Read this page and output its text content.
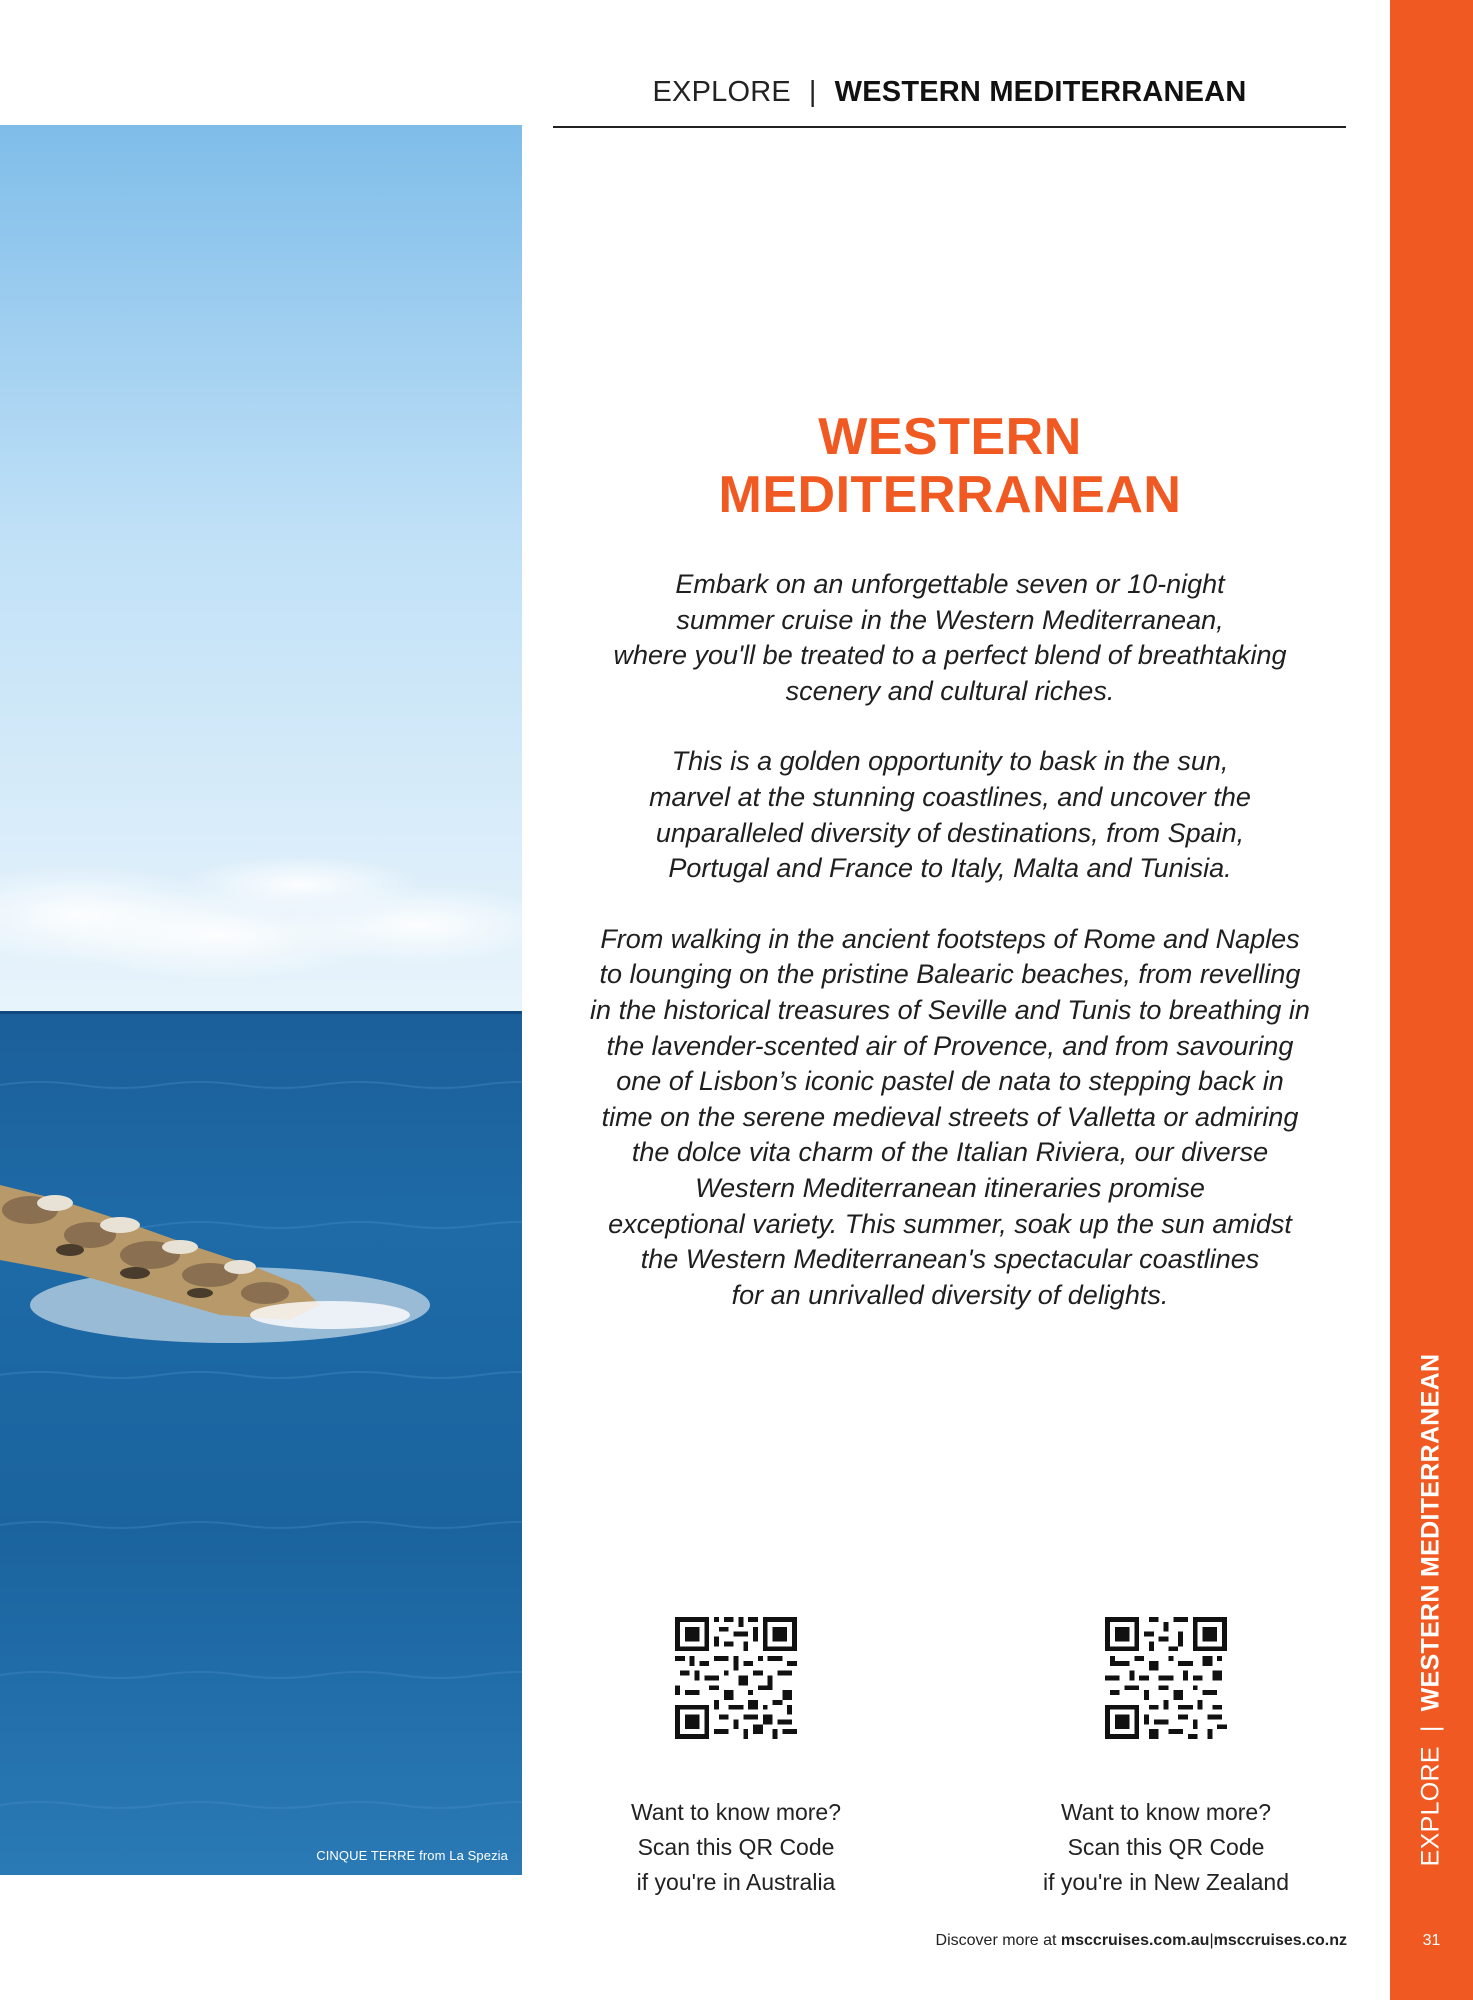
EXPLORE | WESTERN MEDITERRANEAN
CINQUE TERRE from La Spezia
WESTERN
MEDITERRANEAN

Embark on an unforgettable seven or 10-night
summer cruise in the Western Mediterranean,
where you'll be treated to a perfect blend of breathtaking
scenery and cultural riches.

This is a golden opportunity to bask in the sun,
marvel at the stunning coastlines, and uncover the
unparalleled diversity of destinations, from Spain,
Portugal and France to Italy, Malta and Tunisia.

From walking in the ancient footsteps of Rome and Naples
to lounging on the pristine Balearic beaches, from revelling
in the historical treasures of Seville and Tunis to breathing in
the lavender-scented air of Provence, and from savouring
one of Lisbon’s iconic pastel de nata to stepping back in
time on the serene medieval streets of Valletta or admiring
the dolce vita charm of the Italian Riviera, our diverse
Western Mediterranean itineraries promise
exceptional variety. This summer, soak up the sun amidst
the Western Mediterranean's spectacular coastlines
for an unrivalled diversity of delights.

Want to know more?
Scan this QR Code
if you're in Australia
Want to know more?
Scan this QR Code
if you're in New Zealand
Discover more at msccruises.com.au|msccruises.co.nz
EXPLORE|WESTERN MEDITERRANEAN
31
